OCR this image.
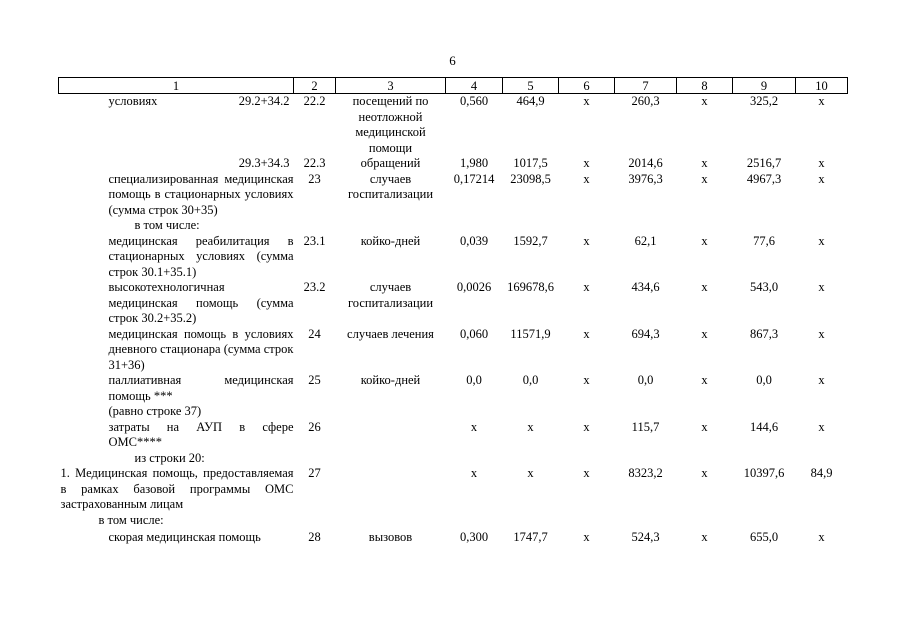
6
1	2	3	4	5	6	7	8	9	10
условиях 29.2+34.2	22.2	посещений по неотложной медицинской помощи	0,560	464,9	х	260,3	х	325,2	х

29.3+34.3	22.3	обращений	1,980	1017,5	х	2014,6	х	2516,7	х
специализированная медицинская помощь в стационарных условиях (сумма строк 30+35)	23	случаев госпитализации	0,17214	23098,5	х	3976,3	х	4967,3	х
в том числе:									
медицинская реабилитация в стационарных условиях (сумма строк 30.1+35.1)	23.1	койко-дней	0,039	1592,7	х	62,1	х	77,6	х
высокотехнологичная медицинская помощь (сумма строк 30.2+35.2)	23.2	случаев госпитализации	0,0026	169678,6	х	434,6	х	543,0	х
медицинская помощь в условиях дневного стационара (сумма строк 31+36)	24	случаев лечения	0,060	11571,9	х	694,3	х	867,3	х

паллиативная медицинская помощь ***
(равно строке 37)	25	койко-дней	0,0	0,0	х	0,0	х	0,0	х
затраты на АУП в сфере ОМС****	26		х	х	х	115,7	х	144,6	х
из строки 20:									
1. Медицинская помощь, предоставляемая в рамках базовой программы ОМС застрахованным лицам	27		х	х	х	8323,2	х	10397,6	84,9
в том числе:									
скорая медицинская помощь	28	вызовов	0,300	1747,7	х	524,3	х	655,0	х
